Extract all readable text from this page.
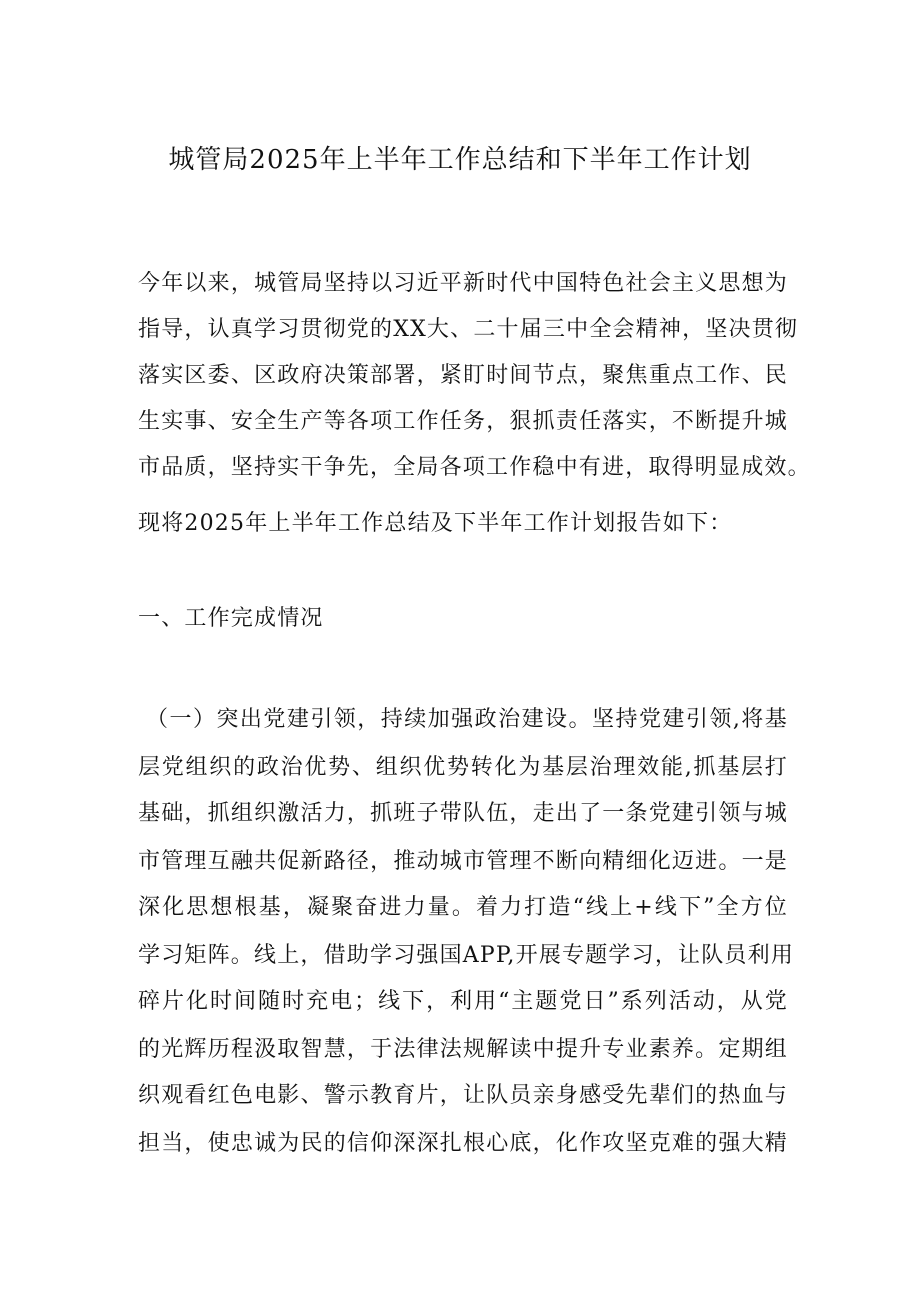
城管局2025年上半年工作总结和下半年工作计划
今年以来，城管局坚持以习近平新时代中国特色社会主义思想为
指导，认真学习贯彻党的XX大、二十届三中全会精神，坚决贯彻
落实区委、区政府决策部署，紧盯时间节点，聚焦重点工作、民
生实事、安全生产等各项工作任务，狠抓责任落实，不断提升城
市品质，坚持实干争先，全局各项工作稳中有进，取得明显成效。
现将2025年上半年工作总结及下半年工作计划报告如下：
一、工作完成情况
（一）突出党建引领，持续加强政治建设。坚持党建引领,将基
层党组织的政治优势、组织优势转化为基层治理效能,抓基层打
基础，抓组织激活力，抓班子带队伍，走出了一条党建引领与城
市管理互融共促新路径，推动城市管理不断向精细化迈进。一是
深化思想根基，凝聚奋进力量。着力打造“线上+线下”全方位
学习矩阵。线上，借助学习强国APP,开展专题学习，让队员利用
碎片化时间随时充电；线下，利用“主题党日”系列活动，从党
的光辉历程汲取智慧，于法律法规解读中提升专业素养。定期组
织观看红色电影、警示教育片，让队员亲身感受先辈们的热血与
担当，使忠诚为民的信仰深深扎根心底，化作攻坚克难的强大精
